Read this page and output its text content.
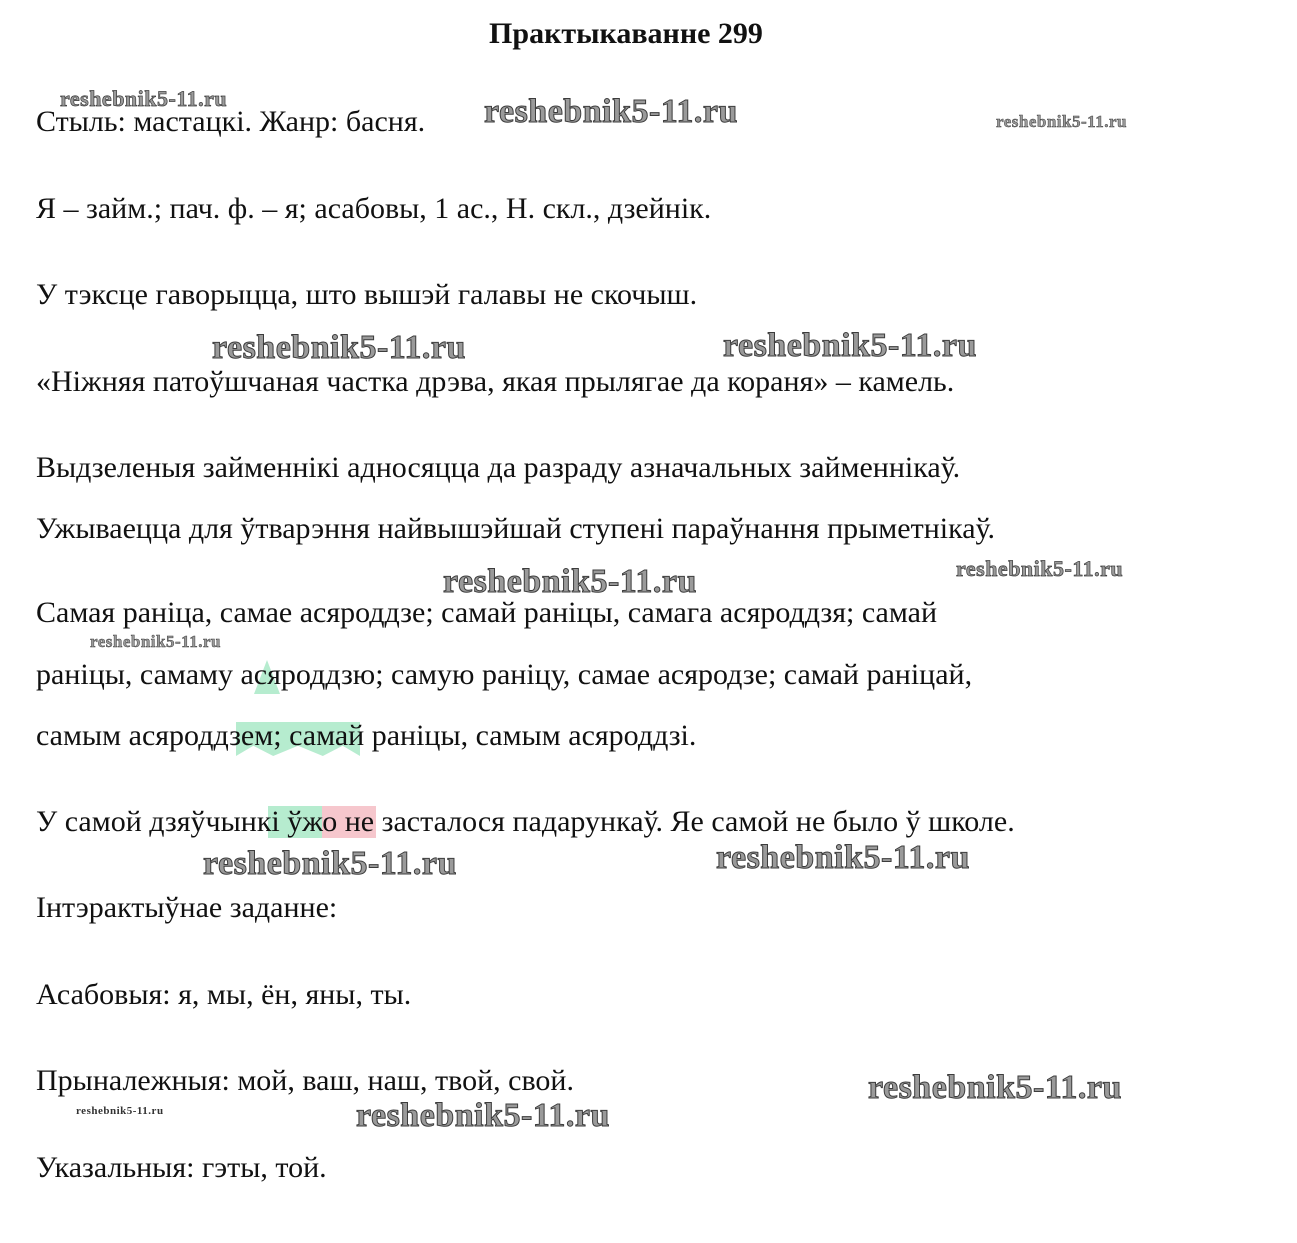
Практыкаванне 299
Стыль: мастацкі. Жанр: басня.
Я – займ.; пач. ф. – я; асабовы, 1 ас., Н. скл., дзейнік.
У тэксце гаворыцца, што вышэй галавы не скочыш.
«Ніжняя патоўшчаная частка дрэва, якая прылягае да кораня» – камель.
Выдзеленыя займеннікі адносяцца да разраду азначальных займеннікаў.
Ужываецца для ўтварэння найвышэйшай ступені параўнання прыметнікаў.
Самая раніца, самае асяроддзе; самай раніцы, самага асяроддзя; самай
раніцы, самаму асяроддзю; самую раніцу, самае асяродзе; самай раніцай,
самым асяроддзем; самай раніцы, самым асяроддзі.
У самой дзяўчынкі ўжо не засталося падарункаў. Яе самой не было ў школе.
Інтэрактыўнае заданне:
Асабовыя: я, мы, ён, яны, ты.
Прыналежныя: мой, ваш, наш, твой, свой.
Указальныя: гэты, той.
reshebnik5-11.ru	reshebnik5-11.ru	reshebnik5-11.ru
reshebnik5-11.ru	reshebnik5-11.ru
reshebnik5-11.ru	reshebnik5-11.ru
reshebnik5-11.ru
reshebnik5-11.ru	reshebnik5-11.ru
reshebnik5-11.ru
reshebnik5-11.ru	reshebnik5-11.ru
